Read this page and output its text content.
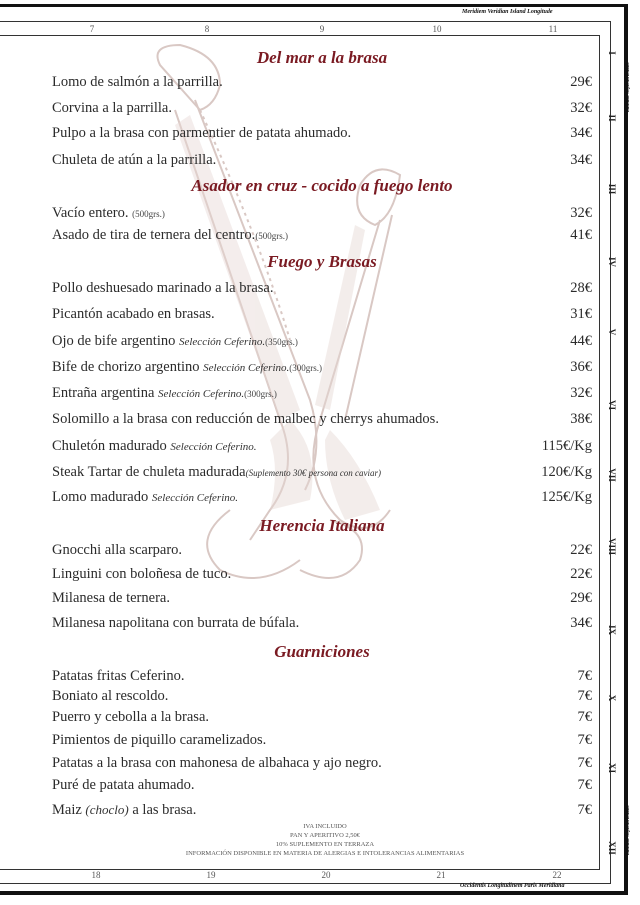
Meridiem Veridian Island Longitude
Occidentis Longitudinem Paris Meridiana
7	8	9	10	11
18	19	20	21	22
I
II
III
IV
V
VI
VII
VIII
IX
X
XI
XII
Latitude Septentrionalis
Latitude Septentrionalis
Del mar a la brasa
Lomo de salmón a la parrilla.	29€
Corvina a la parrilla.	32€
Pulpo a la brasa con parmentier de patata ahumado.	34€
Chuleta de atún a la parrilla.	34€
Asador en cruz - cocido a fuego lento
Vacío entero. (500grs.)	32€
Asado de tira de ternera del centro.(500grs.)	41€
Fuego y Brasas
Pollo deshuesado marinado a la brasa.	28€
Picantón acabado en brasas.	31€
Ojo de bife argentino Selección Ceferino.(350grs.)	44€
Bife de chorizo argentino Selección Ceferino.(300grs.)	36€
Entraña argentina Selección Ceferino.(300grs.)	32€
Solomillo a la brasa con reducción de malbec y cherrys ahumados.	38€
Chuletón madurado Selección Ceferino.	115€/Kg
Steak Tartar de chuleta madurada(Suplemento 30€ persona con caviar)	120€/Kg
Lomo madurado Selección Ceferino.	125€/Kg
Herencia Italiana
Gnocchi alla scarparo.	22€
Linguini con boloñesa de tuco.	22€
Milanesa de ternera.	29€
Milanesa napolitana con burrata de búfala.	34€
Guarniciones
Patatas fritas Ceferino.	7€
Boniato al rescoldo.	7€
Puerro y cebolla a la brasa.	7€
Pimientos de piquillo caramelizados.	7€
Patatas a la brasa con mahonesa de albahaca y ajo negro.	7€
Puré de patata ahumado.	7€
Maiz (choclo) a las brasa.	7€
IVA INCLUIDO
PAN Y APERITIVO 2,50€
10% SUPLEMENTO EN TERRAZA
INFORMACIÓN DISPONIBLE EN MATERIA DE ALERGIAS E INTOLERANCIAS ALIMENTARIAS
